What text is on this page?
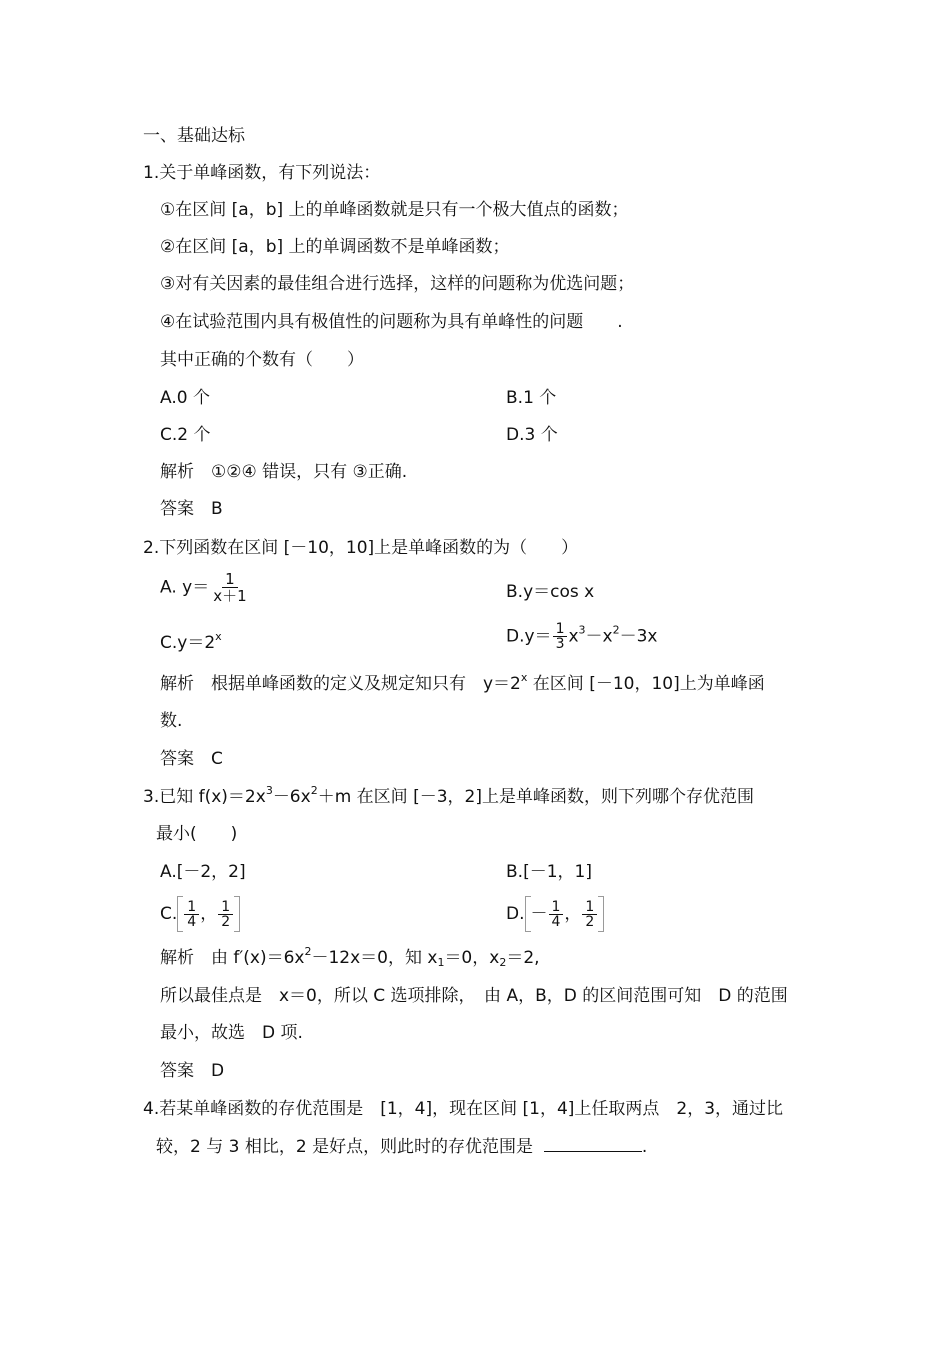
一、基础达标
1.关于单峰函数，有下列说法：
①在区间 [a，b] 上的单峰函数就是只有一个极大值点的函数；
②在区间 [a，b] 上的单调函数不是单峰函数；
③对有关因素的最佳组合进行选择，这样的问题称为优选问题；
④在试验范围内具有极值性的问题称为具有单峰性的问题　　.
其中正确的个数有（　　）
A.0 个	B.1 个
C.2 个	D.3 个
解析　①②④ 错误，只有 ③正确.
答案　B
2.下列函数在区间 [－10，10]上是单峰函数的为（　　）
A. $y= \frac{1}{x+1}$	B.y＝cos x
$C.y=2^x$	$D.y= \frac{1}{3} x^3-x^2-3x$
解析　根据单峰函数的定义及规定知只有　$y=2^x$ 在区间 [－10，10]上为单峰函
数.
答案　C
3.已知 $f(x)=2x^3-6x^2+m$ 在区间 [－3，2]上是单峰函数，则下列哪个存优范围
最小(　　)
A.[－2，2]	B.[－1，1]
C. $\frac{1}{4}$ ， $\frac{1}{2}$	D. － $\frac{1}{4}$ ， $\frac{1}{2}$
解析　由 $f'(x)=6x^2-12x=0$，知 $x_1=0$，$x_2=2$,
所以最佳点是　x＝0，所以 C 选项排除，　由 A，B，D 的区间范围可知　D 的范围
最小，故选　D 项.
答案　D
4.若某单峰函数的存优范围是　[1，4]，现在区间 [1，4]上任取两点　2，3，通过比
较，2 与 3 相比，2 是好点，则此时的存优范围是	.
